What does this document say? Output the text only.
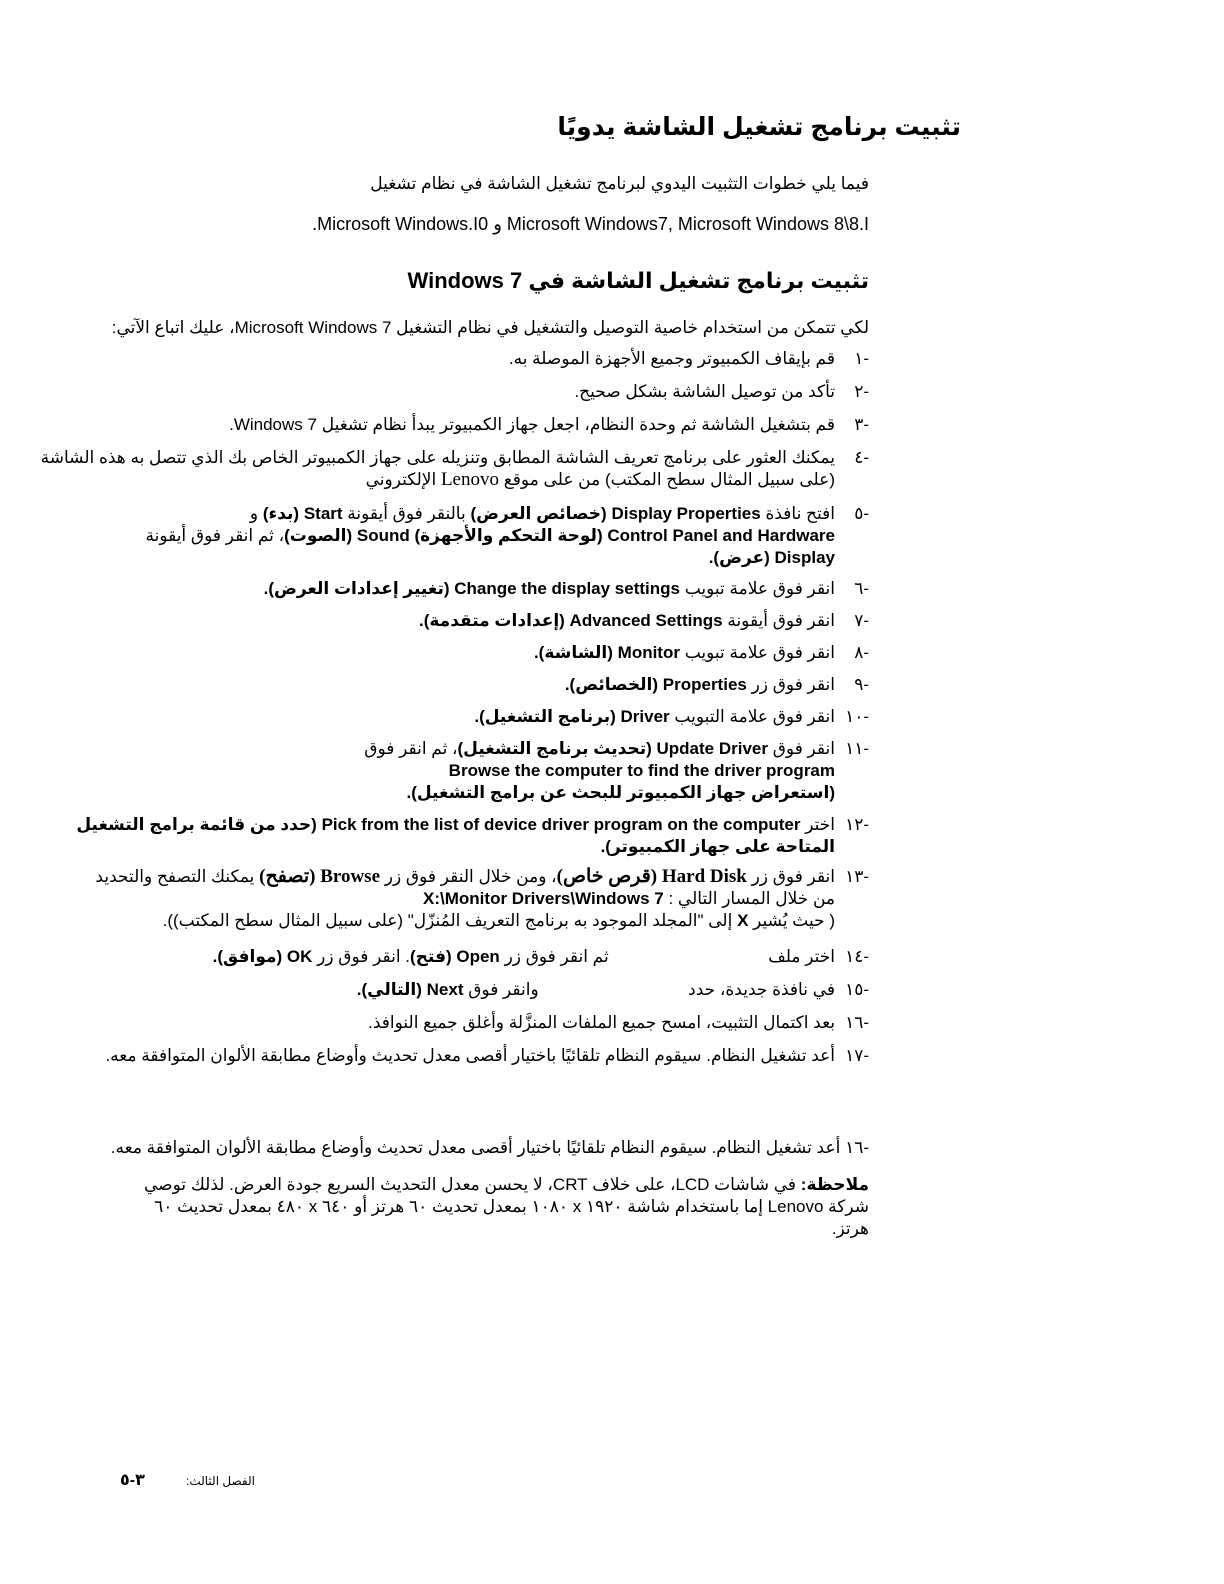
تثبيت برنامج تشغيل الشاشة يدويًا
فيما يلي خطوات التثبيت اليدوي لبرنامج تشغيل الشاشة في نظام تشغيل
Microsoft Windows7, Microsoft Windows 8\8.I و Microsoft Windows.I0.
تثبيت برنامج تشغيل الشاشة في Windows 7
لكي تتمكن من استخدام خاصية التوصيل والتشغيل في نظام التشغيل Microsoft Windows 7، عليك اتباع الآتي:
-١
قم بإيقاف الكمبيوتر وجميع الأجهزة الموصلة به.
-٢
تأكد من توصيل الشاشة بشكل صحيح.
-٣
قم بتشغيل الشاشة ثم وحدة النظام، اجعل جهاز الكمبيوتر يبدأ نظام تشغيل Windows 7.
-٤
يمكنك العثور على برنامج تعريف الشاشة المطابق وتنزيله على جهاز الكمبيوتر الخاص بك الذي تتصل به هذه الشاشة
(على سبيل المثال سطح المكتب) من على موقع Lenovo الإلكتروني
-٥
افتح نافذة Display Properties (خصائص العرض) بالنقر فوق أيقونة Start (بدء) و
Control Panel and Hardware (لوحة التحكم والأجهزة) Sound (الصوت)، ثم انقر فوق أيقونة
Display (عرض).
-٦
انقر فوق علامة تبويب Change the display settings (تغيير إعدادات العرض).
-٧
انقر فوق أيقونة Advanced Settings (إعدادات متقدمة).
-٨
انقر فوق علامة تبويب Monitor (الشاشة).
-٩
انقر فوق زر Properties (الخصائص).
-١٠
انقر فوق علامة التبويب Driver (برنامج التشغيل).
-١١
انقر فوق Update Driver (تحديث برنامج التشغيل)، ثم انقر فوق
Browse the computer to find the driver program
(استعراض جهاز الكمبيوتر للبحث عن برامج التشغيل).
-١٢
اختر Pick from the list of device driver program on the computer (حدد من قائمة برامج التشغيل المتاحة على جهاز الكمبيوتر).
-١٣
انقر فوق زر Hard Disk (قرص خاص)، ومن خلال النقر فوق زر Browse (تصفح) يمكنك التصفح والتحديد
من خلال المسار التالي : X:\Monitor Drivers\Windows 7
( حيث يُشير X إلى "المجلد الموجود به برنامج التعريف المُنزّل" (على سبيل المثال سطح المكتب)).
-١٤
اختر ملف  ثم انقر فوق زر Open (فتح). انقر فوق زر OK (موافق).
-١٥
في نافذة جديدة، حدد  وانقر فوق Next (التالي).
-١٦
بعد اكتمال التثبيت، امسح جميع الملفات المنزَّلة وأغلق جميع النوافذ.
-١٧
أعد تشغيل النظام. سيقوم النظام تلقائيًا باختيار أقصى معدل تحديث وأوضاع مطابقة الألوان المتوافقة معه.
-١٦ أعد تشغيل النظام. سيقوم النظام تلقائيًا باختيار أقصى معدل تحديث وأوضاع مطابقة الألوان المتوافقة معه.
ملاحظة: في شاشات LCD، على خلاف CRT، لا يحسن معدل التحديث السريع جودة العرض. لذلك توصي شركة Lenovo إما باستخدام شاشة ١٩٢٠ x ١٠٨٠ بمعدل تحديث ٦٠ هرتز أو ٦٤٠ x ٤٨٠ بمعدل تحديث ٦٠ هرتز.
الفصل الثالث:
٣-٥
